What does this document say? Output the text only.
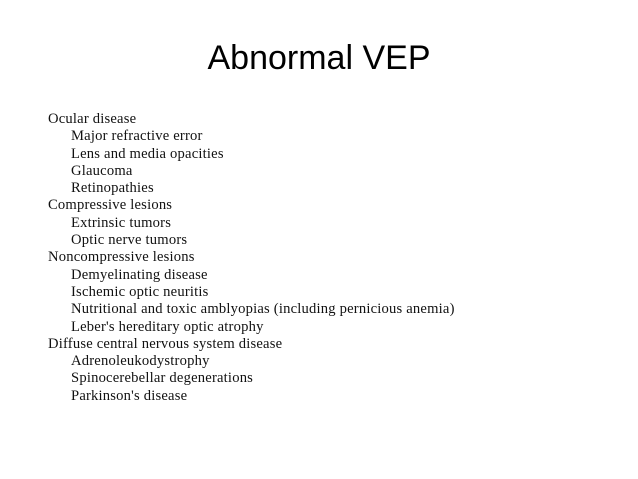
Abnormal VEP
Ocular disease
Major refractive error
Lens and media opacities
Glaucoma
Retinopathies
Compressive lesions
Extrinsic tumors
Optic nerve tumors
Noncompressive lesions
Demyelinating disease
Ischemic optic neuritis
Nutritional and toxic amblyopias (including pernicious anemia)
Leber's hereditary optic atrophy
Diffuse central nervous system disease
Adrenoleukodystrophy
Spinocerebellar degenerations
Parkinson's disease
